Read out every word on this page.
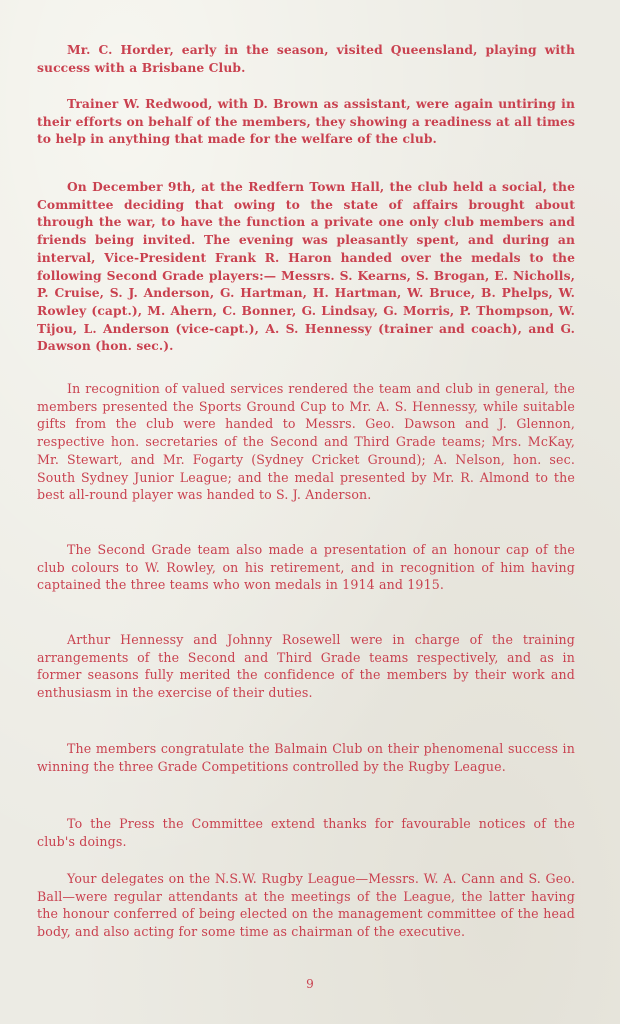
Mr. C. Horder, early in the season, visited Queensland, playing with success with a Brisbane Club.

Trainer W. Redwood, with D. Brown as assistant, were again untiring in their efforts on behalf of the members, they showing a readiness at all times to help in anything that made for the welfare of the club.

On December 9th, at the Redfern Town Hall, the club held a social, the Committee deciding that owing to the state of affairs brought about through the war, to have the function a private one only club members and friends being invited. The evening was pleasantly spent, and during an interval, Vice-President Frank R. Haron handed over the medals to the following Second Grade players:— Messrs. S. Kearns, S. Brogan, E. Nicholls, P. Cruise, S. J. Anderson, G. Hartman, H. Hartman, W. Bruce, B. Phelps, W. Rowley (capt.), M. Ahern, C. Bonner, G. Lindsay, G. Morris, P. Thompson, W. Tijou, L. Anderson (vice-capt.), A. S. Hennessy (trainer and coach), and G. Dawson (hon. sec.).

In recognition of valued services rendered the team and club in general, the members presented the Sports Ground Cup to Mr. A. S. Hennessy, while suitable gifts from the club were handed to Messrs. Geo. Dawson and J. Glennon, respective hon. secretaries of the Second and Third Grade teams; Mrs. McKay, Mr. Stewart, and Mr. Fogarty (Sydney Cricket Ground); A. Nelson, hon. sec. South Sydney Junior League; and the medal presented by Mr. R. Almond to the best all-round player was handed to S. J. Anderson.

The Second Grade team also made a presentation of an honour cap of the club colours to W. Rowley, on his retirement, and in recognition of him having captained the three teams who won medals in 1914 and 1915.

Arthur Hennessy and Johnny Rosewell were in charge of the training arrangements of the Second and Third Grade teams respectively, and as in former seasons fully merited the confidence of the members by their work and enthusiasm in the exercise of their duties.

The members congratulate the Balmain Club on their phenomenal success in winning the three Grade Competitions controlled by the Rugby League.

To the Press the Committee extend thanks for favourable notices of the club's doings.

Your delegates on the N.S.W. Rugby League—Messrs. W. A. Cann and S. Geo. Ball—were regular attendants at the meetings of the League, the latter having the honour conferred of being elected on the management committee of the head body, and also acting for some time as chairman of the executive.

9
